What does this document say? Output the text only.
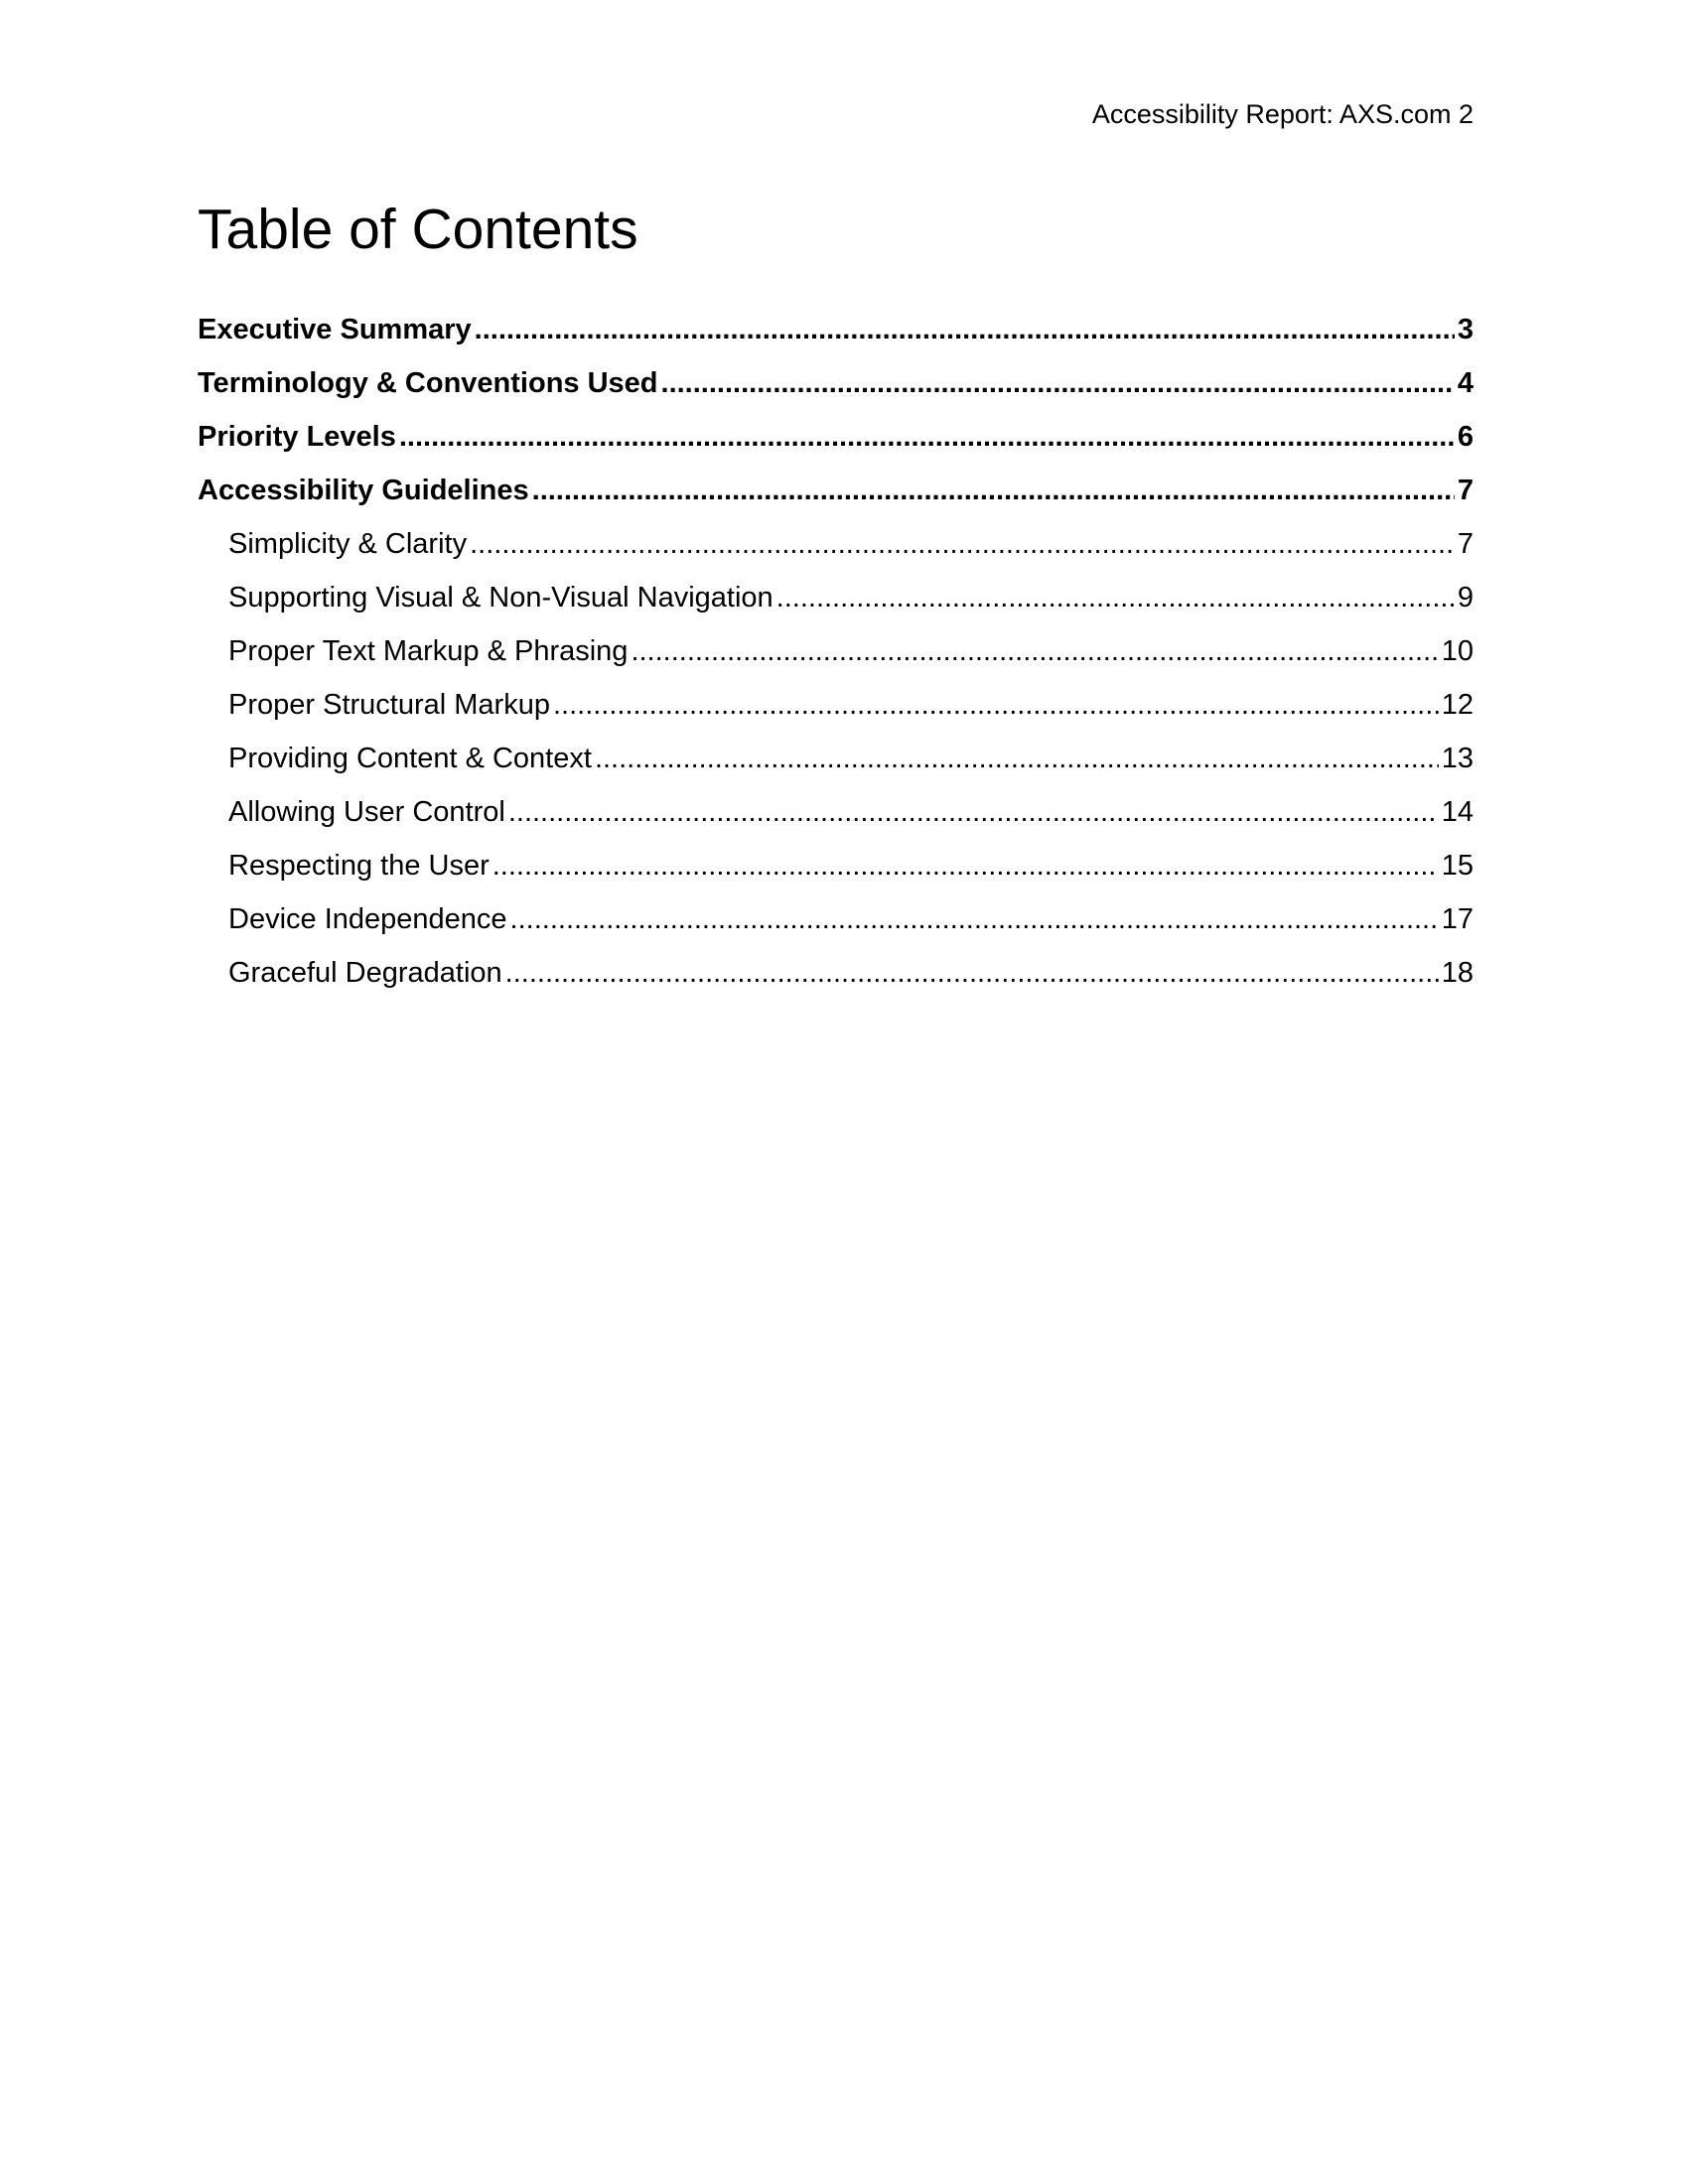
Accessibility Report: AXS.com 2
Table of Contents
Executive Summary .....	3
Terminology & Conventions Used .....	4
Priority Levels .....	6
Accessibility Guidelines .....	7
Simplicity & Clarity .....	7
Supporting Visual & Non-Visual Navigation .....	9
Proper Text Markup & Phrasing .....	10
Proper Structural Markup .....	12
Providing Content & Context .....	13
Allowing User Control .....	14
Respecting the User .....	15
Device Independence .....	17
Graceful Degradation .....	18
